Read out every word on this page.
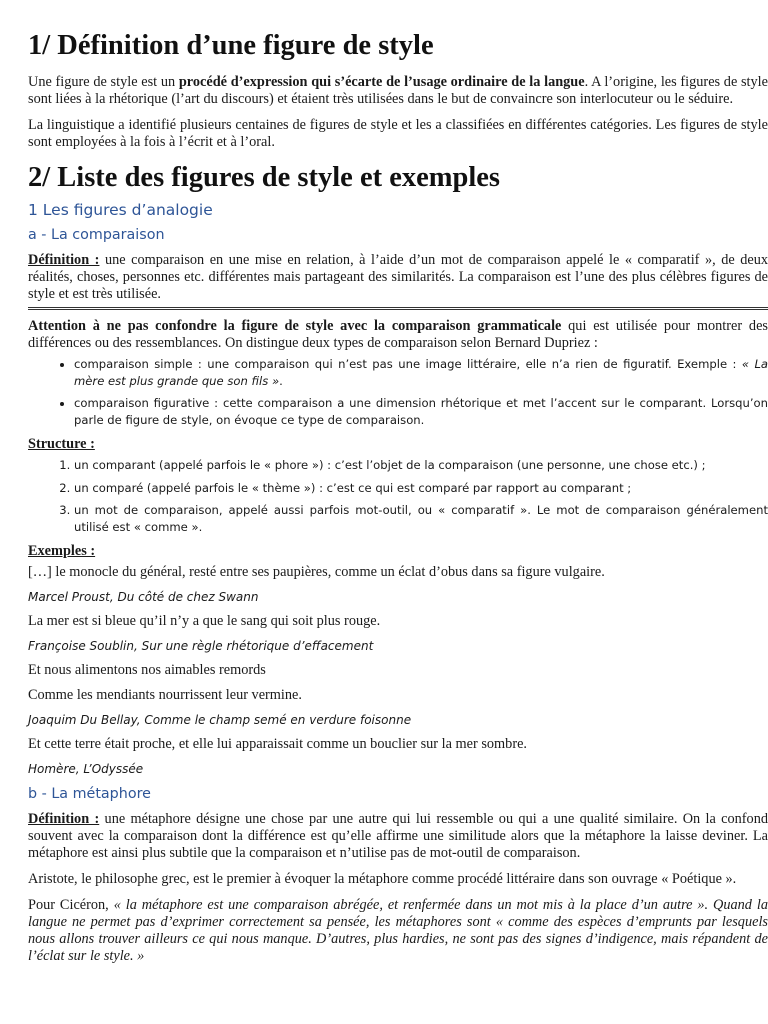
1/ Définition d’une figure de style

Une figure de style est un procédé d’expression qui s’écarte de l’usage ordinaire de la langue. A l’origine, les figures de style sont liées à la rhétorique (l’art du discours) et étaient très utilisées dans le but de convaincre son interlocuteur ou le séduire.

La linguistique a identifié plusieurs centaines de figures de style et les a classifiées en différentes catégories. Les figures de style sont employées à la fois à l’écrit et à l’oral.

2/ Liste des figures de style et exemples
1 Les figures d’analogie
a - La comparaison

Définition : une comparaison en une mise en relation, à l’aide d’un mot de comparaison appelé le « comparatif », de deux réalités, choses, personnes etc. différentes mais partageant des similarités. La comparaison est l’une des plus célèbres figures de style et est très utilisée.

Attention à ne pas confondre la figure de style avec la comparaison grammaticale qui est utilisée pour montrer des différences ou des ressemblances. On distingue deux types de comparaison selon Bernard Dupriez :

• comparaison simple : une comparaison qui n’est pas une image littéraire, elle n’a rien de figuratif. Exemple : « La mère est plus grande que son fils ».
• comparaison figurative : cette comparaison a une dimension rhétorique et met l’accent sur le comparant. Lorsqu’on parle de figure de style, on évoque ce type de comparaison.

Structure :

1. un comparant (appelé parfois le « phore ») : c’est l’objet de la comparaison (une personne, une chose etc.) ;
2. un comparé (appelé parfois le « thème ») : c’est ce qui est comparé par rapport au comparant ;
3. un mot de comparaison, appelé aussi parfois mot-outil, ou « comparatif ». Le mot de comparaison généralement utilisé est « comme ».

Exemples :

[…] le monocle du général, resté entre ses paupières, comme un éclat d’obus dans sa figure vulgaire.
Marcel Proust, Du côté de chez Swann
La mer est si bleue qu’il n’y a que le sang qui soit plus rouge.
Françoise Soublin, Sur une règle rhétorique d’effacement
Et nous alimentons nos aimables remords
Comme les mendiants nourrissent leur vermine.
Joaquim Du Bellay, Comme le champ semé en verdure foisonne
Et cette terre était proche, et elle lui apparaissait comme un bouclier sur la mer sombre.
Homère, L’Odyssée
b - La métaphore

Définition : une métaphore désigne une chose par une autre qui lui ressemble ou qui a une qualité similaire. On la confond souvent avec la comparaison dont la différence est qu’elle affirme une similitude alors que la métaphore la laisse deviner. La métaphore est ainsi plus subtile que la comparaison et n’utilise pas de mot-outil de comparaison.

Aristote, le philosophe grec, est le premier à évoquer la métaphore comme procédé littéraire dans son ouvrage « Poétique ».

Pour Cicéron, « la métaphore est une comparaison abrégée, et renfermée dans un mot mis à la place d’un autre ». Quand la langue ne permet pas d’exprimer correctement sa pensée, les métaphores sont « comme des espèces d’emprunts par lesquels nous allons trouver ailleurs ce qui nous manque. D’autres, plus hardies, ne sont pas des signes d’indigence, mais répandent de l’éclat sur le style. »
